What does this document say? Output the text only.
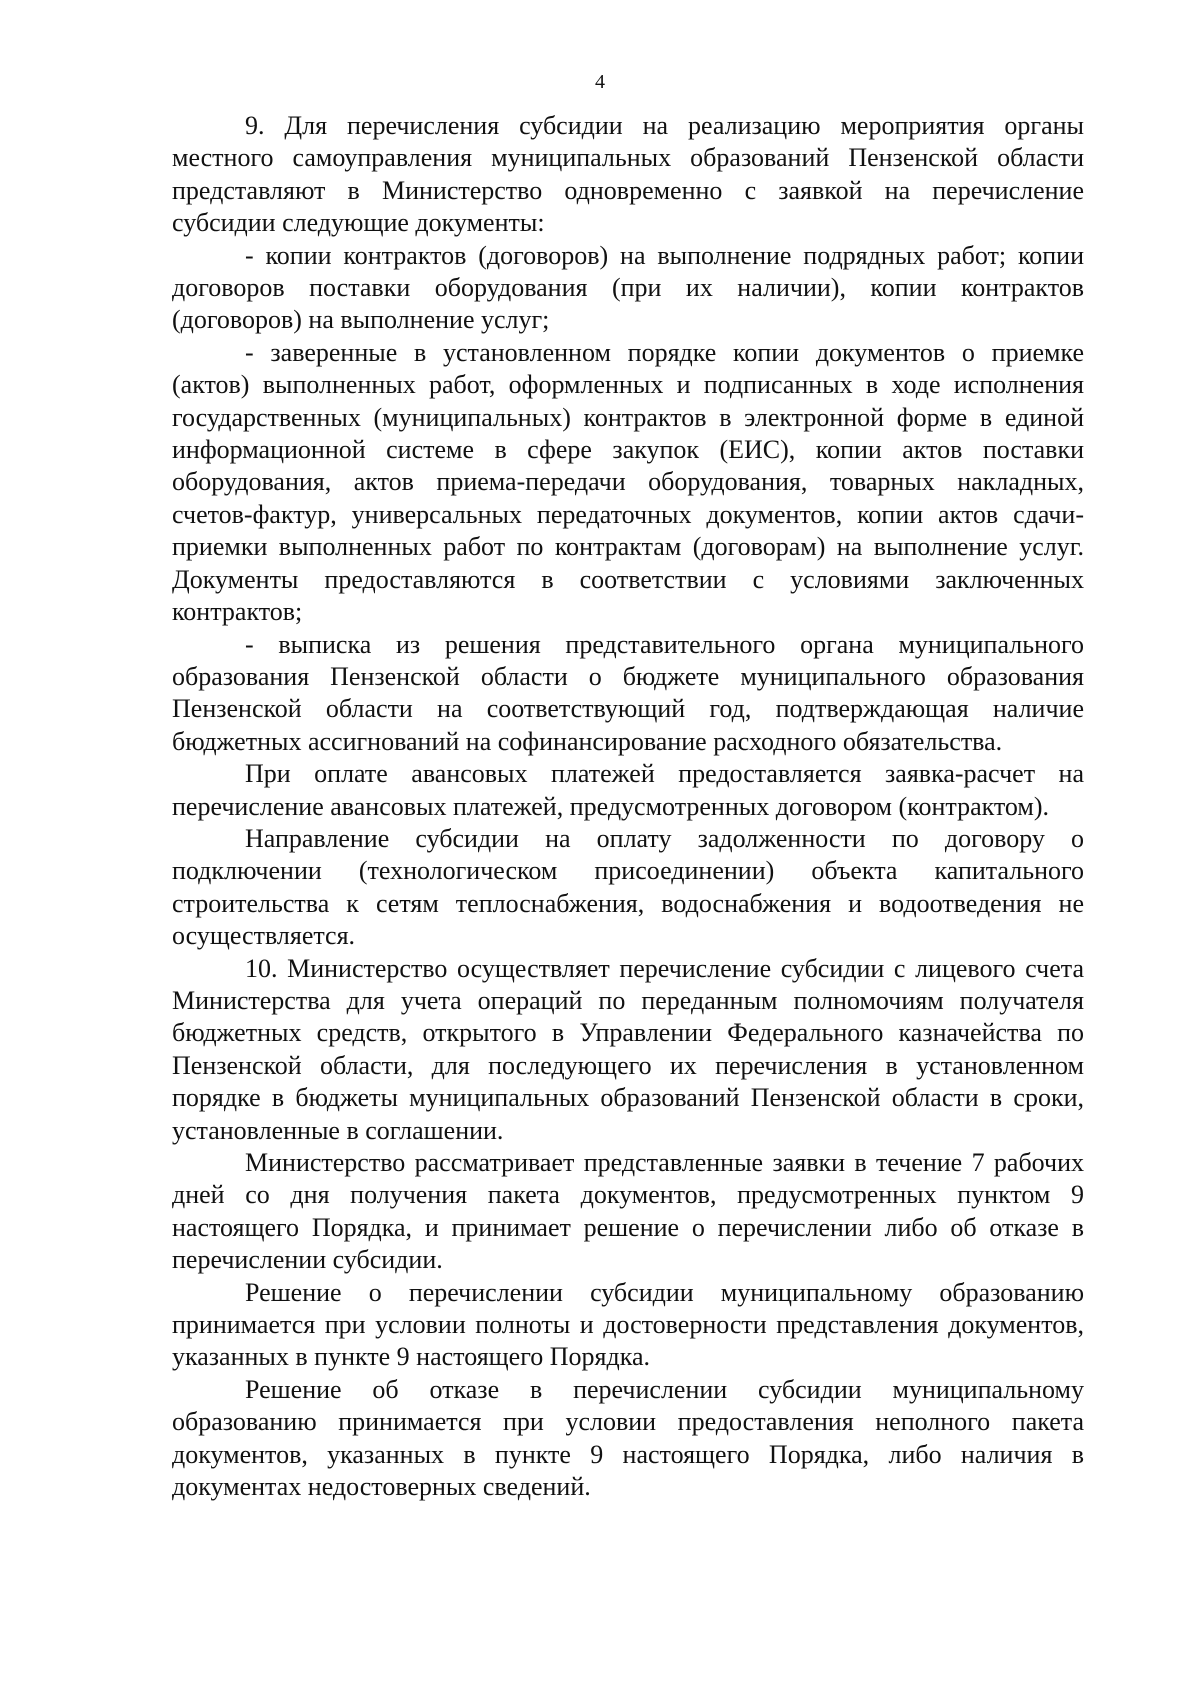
4

9. Для перечисления субсидии на реализацию мероприятия органы местного самоуправления муниципальных образований Пензенской области представляют в Министерство одновременно с заявкой на перечисление субсидии следующие документы:

- копии контрактов (договоров) на выполнение подрядных работ; копии договоров поставки оборудования (при их наличии), копии контрактов (договоров) на выполнение услуг;

- заверенные в установленном порядке копии документов о приемке (актов) выполненных работ, оформленных и подписанных в ходе исполнения государственных (муниципальных) контрактов в электронной форме в единой информационной системе в сфере закупок (ЕИС), копии актов поставки оборудования, актов приема-передачи оборудования, товарных накладных, счетов-фактур, универсальных передаточных документов, копии актов сдачи-приемки выполненных работ по контрактам (договорам) на выполнение услуг. Документы предоставляются в соответствии с условиями заключенных контрактов;

- выписка из решения представительного органа муниципального образования Пензенской области о бюджете муниципального образования Пензенской области на соответствующий год, подтверждающая наличие бюджетных ассигнований на софинансирование расходного обязательства.

При оплате авансовых платежей предоставляется заявка-расчет на перечисление авансовых платежей, предусмотренных договором (контрактом).

Направление субсидии на оплату задолженности по договору о подключении (технологическом присоединении) объекта капитального строительства к сетям теплоснабжения, водоснабжения и водоотведения не осуществляется.

10. Министерство осуществляет перечисление субсидии с лицевого счета Министерства для учета операций по переданным полномочиям получателя бюджетных средств, открытого в Управлении Федерального казначейства по Пензенской области, для последующего их перечисления в установленном порядке в бюджеты муниципальных образований Пензенской области в сроки, установленные в соглашении.

Министерство рассматривает представленные заявки в течение 7 рабочих дней со дня получения пакета документов, предусмотренных пунктом 9 настоящего Порядка, и принимает решение о перечислении либо об отказе в перечислении субсидии.

Решение о перечислении субсидии муниципальному образованию принимается при условии полноты и достоверности представления документов, указанных в пункте 9 настоящего Порядка.

Решение об отказе в перечислении субсидии муниципальному образованию принимается при условии предоставления неполного пакета документов, указанных в пункте 9 настоящего Порядка, либо наличия в документах недостоверных сведений.
